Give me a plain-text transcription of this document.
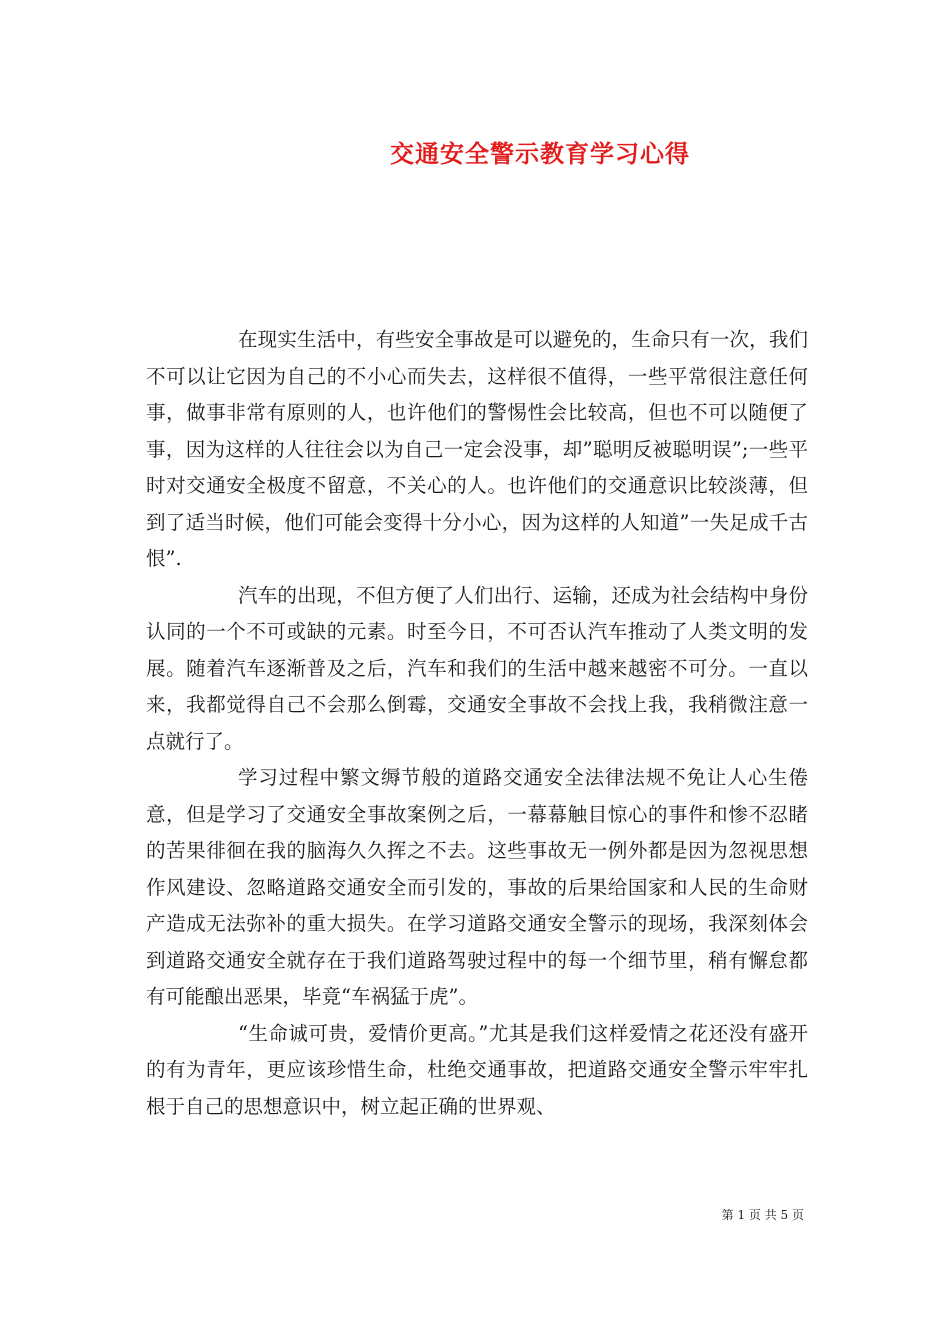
交通安全警示教育学习心得

在现实生活中，有些安全事故是可以避免的，生命只有一次，我们不可以让它因为自己的不小心而失去，这样很不值得，一些平常很注意任何事，做事非常有原则的人，也许他们的警惕性会比较高，但也不可以随便了事，因为这样的人往往会以为自己一定会没事，却”聪明反被聪明误”;一些平时对交通安全极度不留意，不关心的人。也许他们的交通意识比较淡薄，但到了适当时候，他们可能会变得十分小心，因为这样的人知道”一失足成千古恨”.

汽车的出现，不但方便了人们出行、运输，还成为社会结构中身份认同的一个不可或缺的元素。时至今日，不可否认汽车推动了人类文明的发展。随着汽车逐渐普及之后，汽车和我们的生活中越来越密不可分。一直以来，我都觉得自己不会那么倒霉，交通安全事故不会找上我，我稍微注意一点就行了。

学习过程中繁文缛节般的道路交通安全法律法规不免让人心生倦意，但是学习了交通安全事故案例之后，一幕幕触目惊心的事件和惨不忍睹的苦果徘徊在我的脑海久久挥之不去。这些事故无一例外都是因为忽视思想作风建设、忽略道路交通安全而引发的，事故的后果给国家和人民的生命财产造成无法弥补的重大损失。在学习道路交通安全警示的现场，我深刻体会到道路交通安全就存在于我们道路驾驶过程中的每一个细节里，稍有懈怠都有可能酿出恶果，毕竟“车祸猛于虎”。

“生命诚可贵，爱情价更高。”尤其是我们这样爱情之花还没有盛开的有为青年，更应该珍惜生命，杜绝交通事故，把道路交通安全警示牢牢扎根于自己的思想意识中，树立起正确的世界观、

第 1 页 共 5 页
